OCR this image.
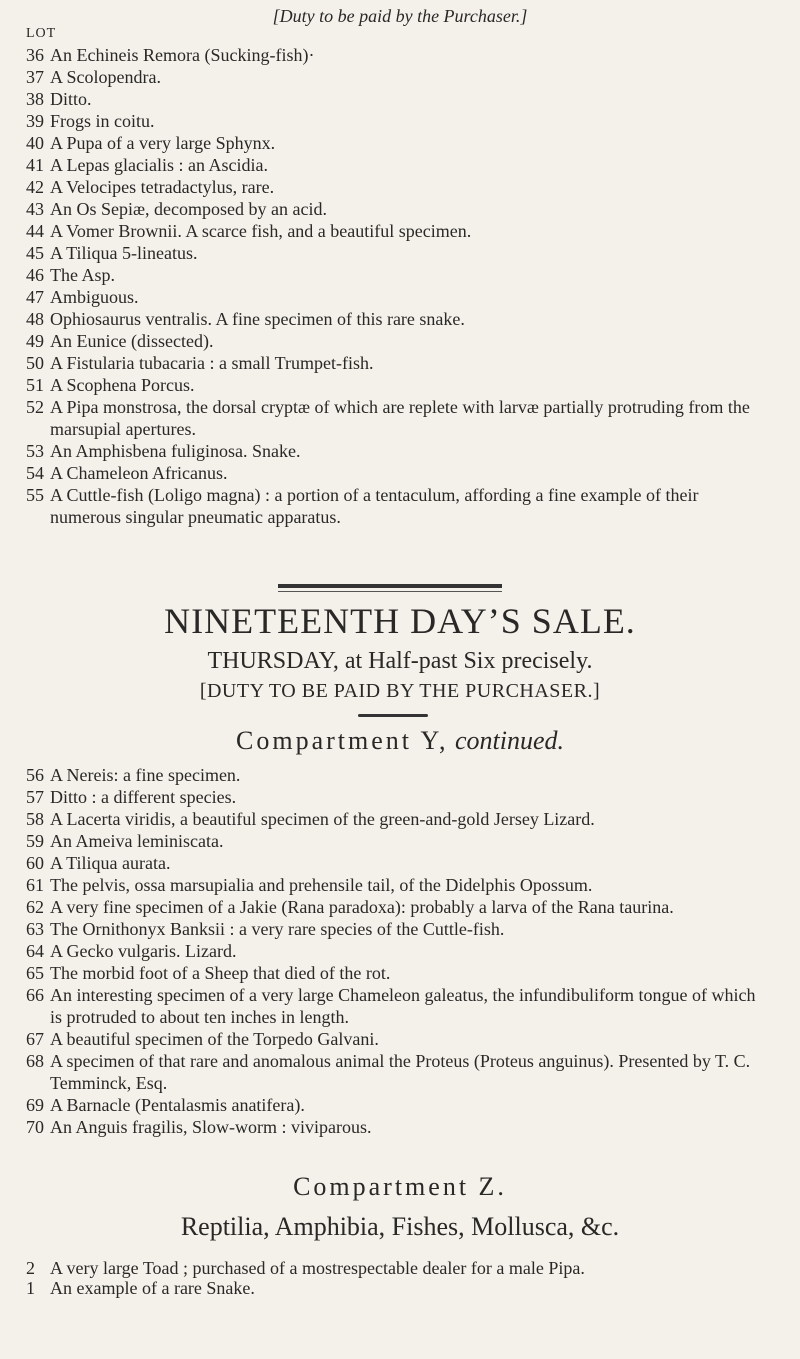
[Duty to be paid by the Purchaser.]
LOT
36 An Echineis Remora (Sucking-fish)·
37 A Scolopendra.
38 Ditto.
39 Frogs in coitu.
40 A Pupa of a very large Sphynx.
41 A Lepas glacialis : an Ascidia.
42 A Velocipes tetradactylus, rare.
43 An Os Sepiæ, decomposed by an acid.
44 A Vomer Brownii. A scarce fish, and a beautiful specimen.
45 A Tiliqua 5-lineatus.
46 The Asp.
47 Ambiguous.
48 Ophiosaurus ventralis. A fine specimen of this rare snake.
49 An Eunice (dissected).
50 A Fistularia tubacaria : a small Trumpet-fish.
51 A Scophena Porcus.
52 A Pipa monstrosa, the dorsal cryptæ of which are replete with larvæ partially protruding from the marsupial apertures.
53 An Amphisbena fuliginosa. Snake.
54 A Chameleon Africanus.
55 A Cuttle-fish (Loligo magna) : a portion of a tentaculum, affording a fine example of their numerous singular pneumatic apparatus.
NINETEENTH DAY’S SALE.
THURSDAY, at Half-past Six precisely.
[DUTY TO BE PAID BY THE PURCHASER.]
Compartment Y, continued.
56 A Nereis: a fine specimen.
57 Ditto : a different species.
58 A Lacerta viridis, a beautiful specimen of the green-and-gold Jersey Lizard.
59 An Ameiva leminiscata.
60 A Tiliqua aurata.
61 The pelvis, ossa marsupialia and prehensile tail, of the Didelphis Opossum.
62 A very fine specimen of a Jakie (Rana paradoxa): probably a larva of the Rana taurina.
63 The Ornithonyx Banksii : a very rare species of the Cuttle-fish.
64 A Gecko vulgaris. Lizard.
65 The morbid foot of a Sheep that died of the rot.
66 An interesting specimen of a very large Chameleon galeatus, the infundibuliform tongue of which is protruded to about ten inches in length.
67 A beautiful specimen of the Torpedo Galvani.
68 A specimen of that rare and anomalous animal the Proteus (Proteus anguinus). Presented by T. C. Temminck, Esq.
69 A Barnacle (Pentalasmis anatifera).
70 An Anguis fragilis, Slow-worm : viviparous.
Compartment Z.
Reptilia, Amphibia, Fishes, Mollusca, &c.
2 A very large Toad ; purchased of a mostrespectable dealer for a male Pipa.
1 An example of a rare Snake.
